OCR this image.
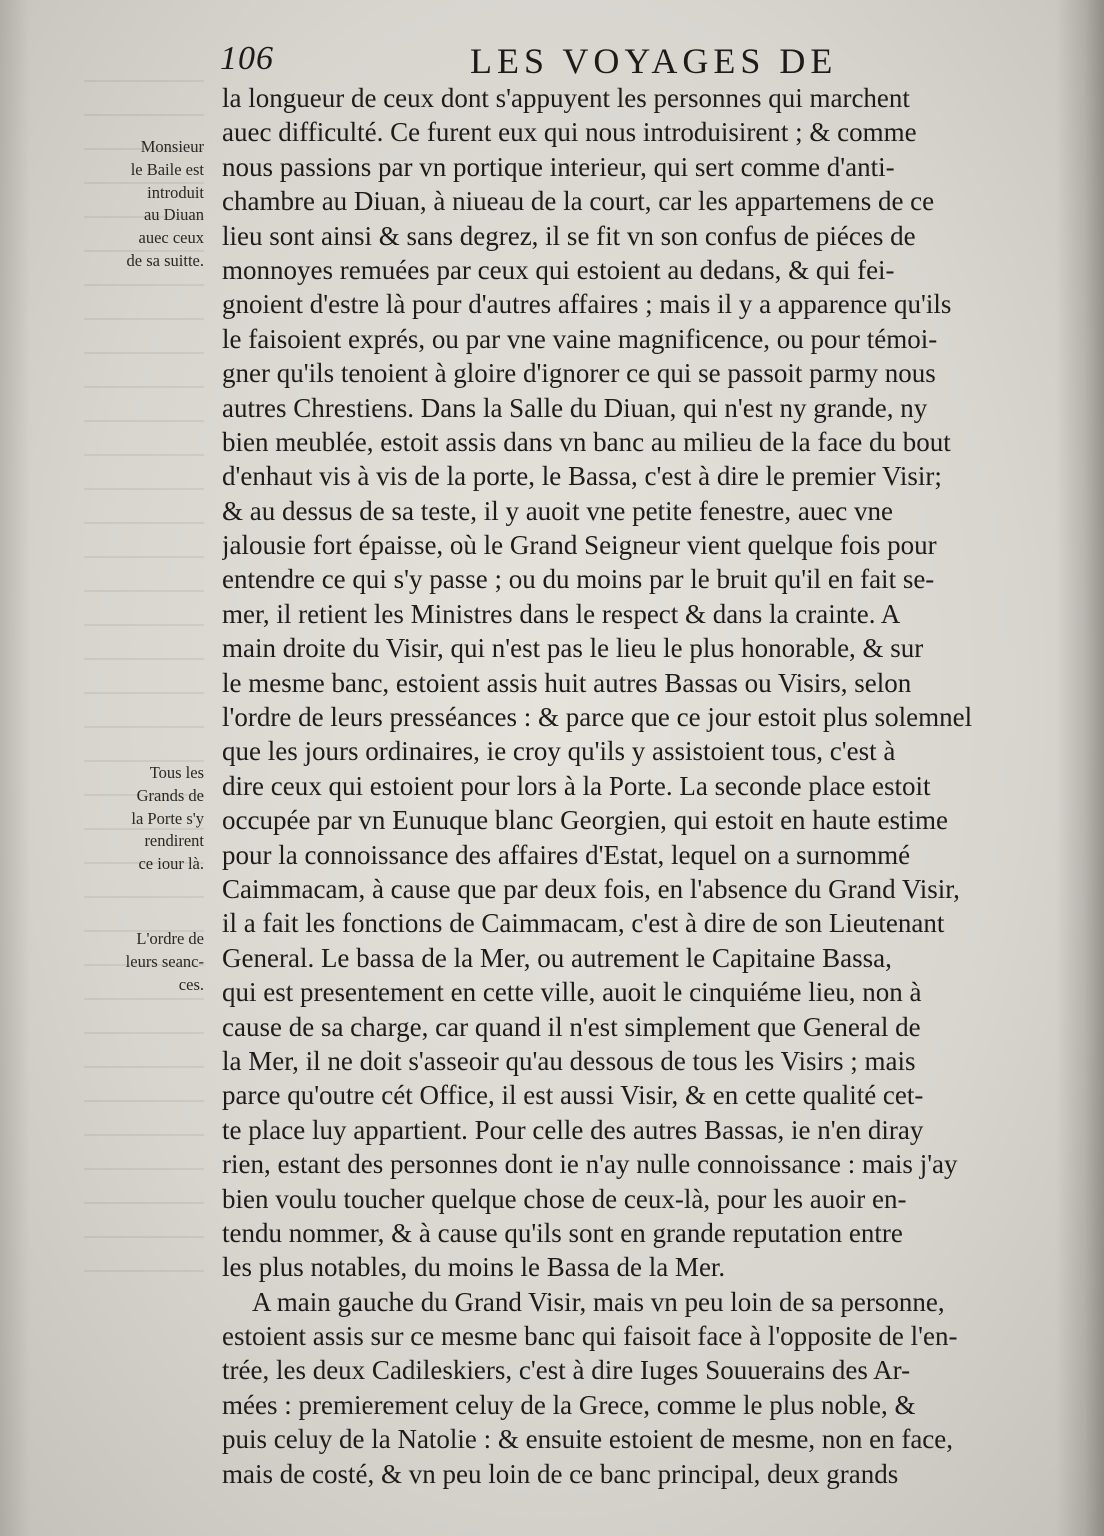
106	LES VOYAGES DE
Monsieur
le Baile est
introduit
au Diuan
auec ceux
de sa suitte.
Tous les
Grands de
la Porte s'y
rendirent
ce iour là.
L'ordre de
leurs seanc-
ces.
la longueur de ceux dont s'appuyent les personnes qui marchent
auec difficulté. Ce furent eux qui nous introduisirent ; & comme
nous passions par vn portique interieur, qui sert comme d'anti-
chambre au Diuan, à niueau de la court, car les appartemens de ce
lieu sont ainsi & sans degrez, il se fit vn son confus de piéces de
monnoyes remuées par ceux qui estoient au dedans, & qui fei-
gnoient d'estre là pour d'autres affaires ; mais il y a apparence qu'ils
le faisoient exprés, ou par vne vaine magnificence, ou pour témoi-
gner qu'ils tenoient à gloire d'ignorer ce qui se passoit parmy nous
autres Chrestiens. Dans la Salle du Diuan, qui n'est ny grande, ny
bien meublée, estoit assis dans vn banc au milieu de la face du bout
d'enhaut vis à vis de la porte, le Bassa, c'est à dire le premier Visir;
& au dessus de sa teste, il y auoit vne petite fenestre, auec vne
jalousie fort épaisse, où le Grand Seigneur vient quelque fois pour
entendre ce qui s'y passe ; ou du moins par le bruit qu'il en fait se-
mer, il retient les Ministres dans le respect & dans la crainte. A
main droite du Visir, qui n'est pas le lieu le plus honorable, & sur
le mesme banc, estoient assis huit autres Bassas ou Visirs, selon
l'ordre de leurs presséances : & parce que ce jour estoit plus solemnel
que les jours ordinaires, ie croy qu'ils y assistoient tous, c'est à
dire ceux qui estoient pour lors à la Porte. La seconde place estoit
occupée par vn Eunuque blanc Georgien, qui estoit en haute estime
pour la connoissance des affaires d'Estat, lequel on a surnommé
Caimmacam, à cause que par deux fois, en l'absence du Grand Visir,
il a fait les fonctions de Caimmacam, c'est à dire de son Lieutenant
General. Le bassa de la Mer, ou autrement le Capitaine Bassa,
qui est presentement en cette ville, auoit le cinquiéme lieu, non à
cause de sa charge, car quand il n'est simplement que General de
la Mer, il ne doit s'asseoir qu'au dessous de tous les Visirs ; mais
parce qu'outre cét Office, il est aussi Visir, & en cette qualité cet-
te place luy appartient. Pour celle des autres Bassas, ie n'en diray
rien, estant des personnes dont ie n'ay nulle connoissance : mais j'ay
bien voulu toucher quelque chose de ceux-là, pour les auoir en-
tendu nommer, & à cause qu'ils sont en grande reputation entre
les plus notables, du moins le Bassa de la Mer.
A main gauche du Grand Visir, mais vn peu loin de sa personne,
estoient assis sur ce mesme banc qui faisoit face à l'opposite de l'en-
trée, les deux Cadileskiers, c'est à dire Iuges Souuerains des Ar-
mées : premierement celuy de la Grece, comme le plus noble, &
puis celuy de la Natolie : & ensuite estoient de mesme, non en face,
mais de costé, & vn peu loin de ce banc principal, deux grands
